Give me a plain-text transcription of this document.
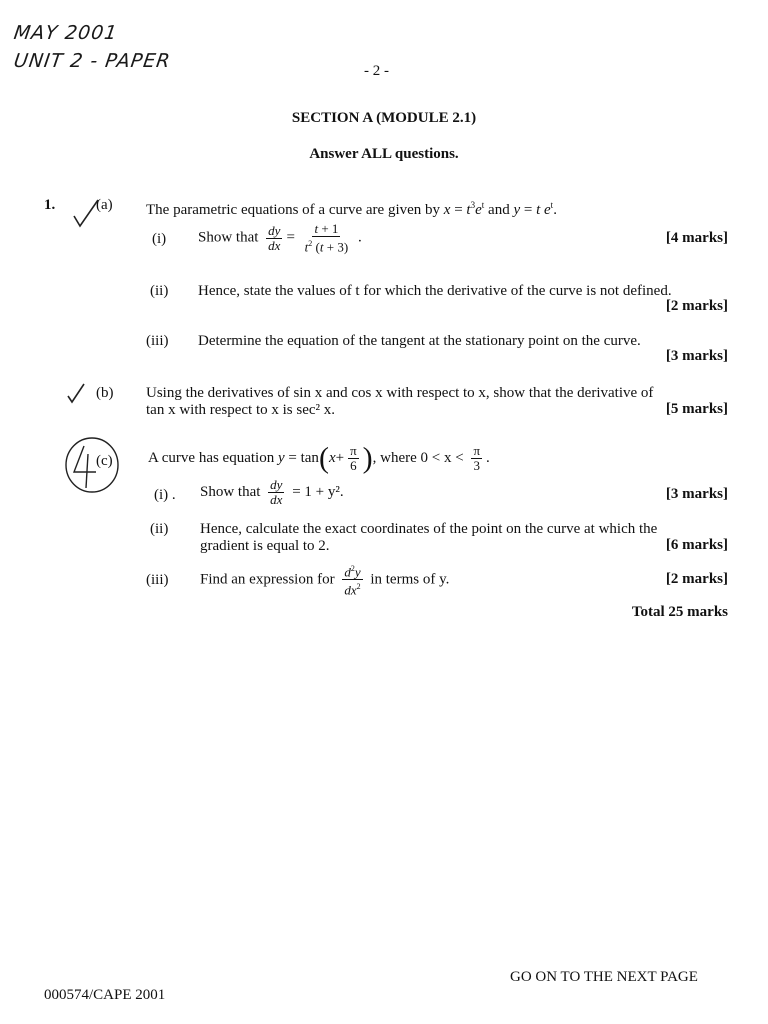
MAY 2001
UNIT 2 - PAPER	- 2 -
SECTION A (MODULE 2.1)
Answer ALL questions.
1.	(a) The parametric equations of a curve are given by $x = t^3e^t$ and y = t $e^t$.
(i) Show that $\frac{dy}{dx} = \frac{t + 1}{t^2 (t + 3)}$ .	[4 marks]
(ii) Hence, state the values of t for which the derivative of the curve is not defined.
[2 marks]
(iii) Determine the equation of the tangent at the stationary point on the curve.
[3 marks]
(b) Using the derivatives of sin x and cos x with respect to x, show that the derivative of
tan x with respect to x is sec² x.	[5 marks]
(c) A curve has equation $y = \tan(x+ \frac{\pi}{6}$ ), where $0 < x < \frac{\pi}{3}$ .
(i) . Show that $\frac{dy}{dx} = 1 + y^2$.	[3 marks]
(ii) Hence, calculate the exact coordinates of the point on the curve at which the
gradient is equal to 2.	[6 marks]
(iii) Find an expression for $\frac{d^2y}{dx^2}$ in terms of y.	[2 marks]
Total 25 marks
GO ON TO THE NEXT PAGE
000574/CAPE 2001
